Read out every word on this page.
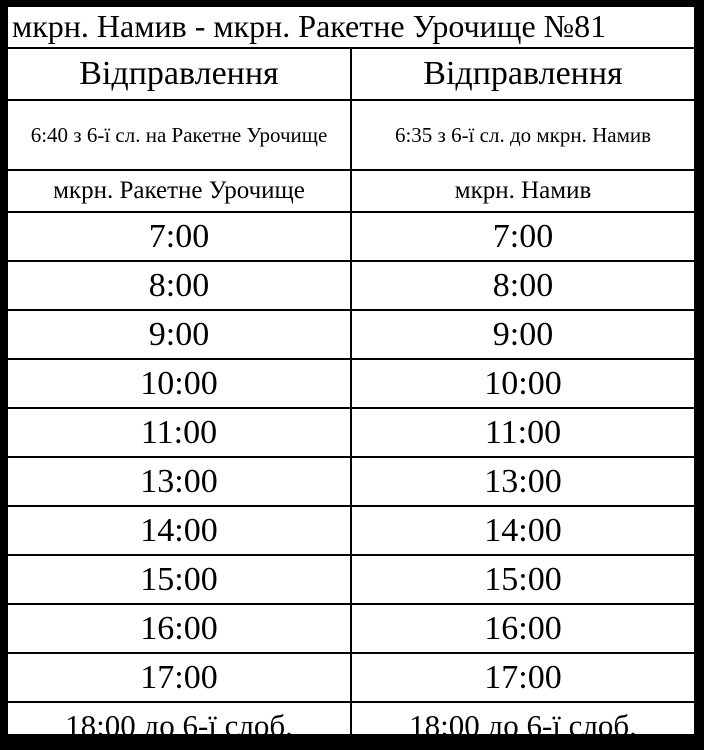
мкрн. Намив - мкрн. Ракетне Урочище №81	
Відправлення	Відправлення
6:40 з 6-ї сл. на Ракетне Урочище	6:35 з 6-ї сл. до мкрн. Намив
мкрн. Ракетне Урочище	мкрн. Намив
7:00	7:00
8:00	8:00
9:00	9:00
10:00	10:00
11:00	11:00
13:00	13:00
14:00	14:00
15:00	15:00
16:00	16:00
17:00	17:00
18:00 до 6-ї слоб.	18:00 до 6-ї слоб.
